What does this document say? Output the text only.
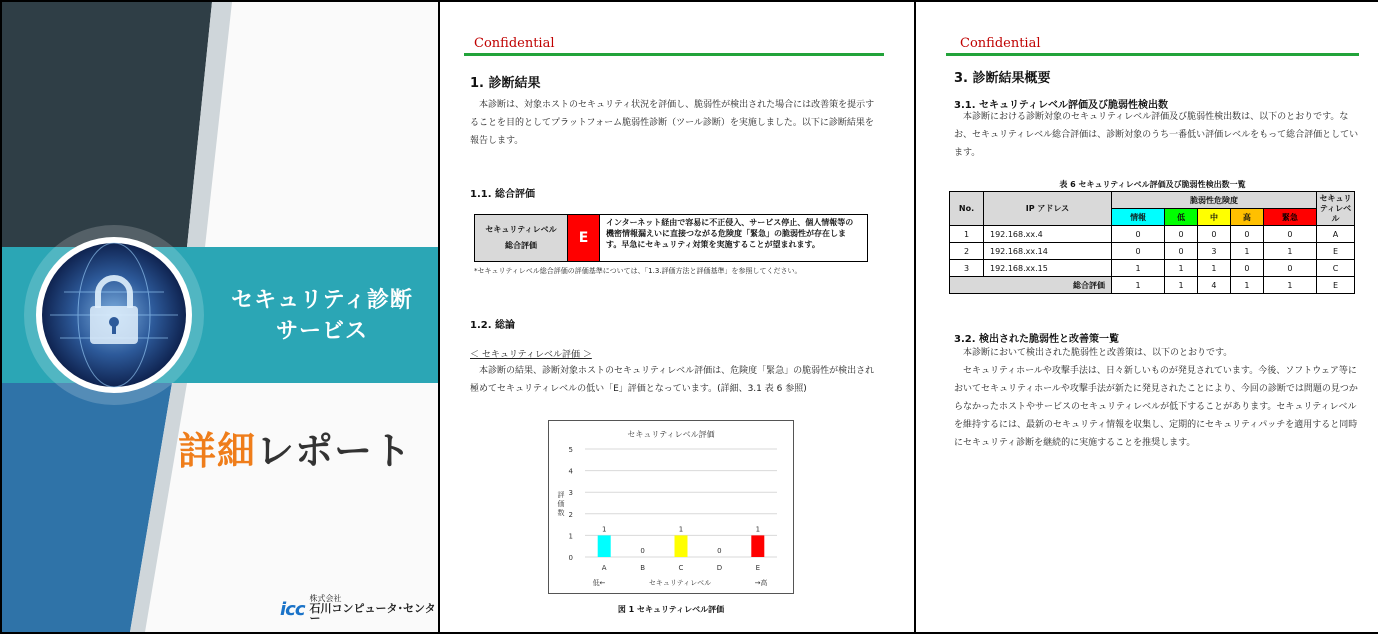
セキュリティ診断
サービス
詳細レポート
icc 株式会社
石川コンピュータ･センター
Confidential
1. 診断結果
本診断は、対象ホストのセキュリティ状況を評価し、脆弱性が検出された場合には改善策を提示することを目的としてプラットフォーム脆弱性診断（ツール診断）を実施しました。以下に診断結果を報告します。
1.1. 総合評価
セキュリティレベル
総合評価	E
インターネット経由で容易に不正侵入、サービス停止、個人情報等の機密情報漏えいに直接つながる危険度「緊急」の脆弱性が存在します。早急にセキュリティ対策を実施することが望まれます。
*セキュリティレベル総合評価の評価基準については、「1.3.評価方法と評価基準」を参照してください。
1.2. 総論
＜ セキュリティレベル評価 ＞
本診断の結果、診断対象ホストのセキュリティレベル評価は、危険度「緊急」の脆弱性が検出され極めてセキュリティレベルの低い「E」評価となっています。(詳細、3.1 表 6 参照)
セキュリティレベル評価
評価数
0
1
2
3
4
5
1
0
1
0
1
A	B	C	D	E
低←	セキュリティレベル	→高
図 1 セキュリティレベル評価
Confidential
3. 診断結果概要
3.1. セキュリティレベル評価及び脆弱性検出数
本診断における診断対象のセキュリティレベル評価及び脆弱性検出数は、以下のとおりです。なお、セキュリティレベル総合評価は、診断対象のうち一番低い評価レベルをもって総合評価としています。
表 6 セキュリティレベル評価及び脆弱性検出数一覧
No.	IP アドレス	脆弱性危険度					セキュリティレベル
		情報	低	中	高	緊急	
1	192.168.xx.4	0	0	0	0	0	A
2	192.168.xx.14	0	0	3	1	1	E
3	192.168.xx.15	1	1	1	0	0	C
総合評価		1	1	4	1	1	E
3.2. 検出された脆弱性と改善策一覧
本診断において検出された脆弱性と改善策は、以下のとおりです。
セキュリティホールや攻撃手法は、日々新しいものが発見されています。今後、ソフトウェア等においてセキュリティホールや攻撃手法が新たに発見されたことにより、今回の診断では問題の見つからなかったホストやサービスのセキュリティレベルが低下することがあります。セキュリティレベルを維持するには、最新のセキュリティ情報を収集し、定期的にセキュリティパッチを適用すると同時にセキュリティ診断を継続的に実施することを推奨します。
